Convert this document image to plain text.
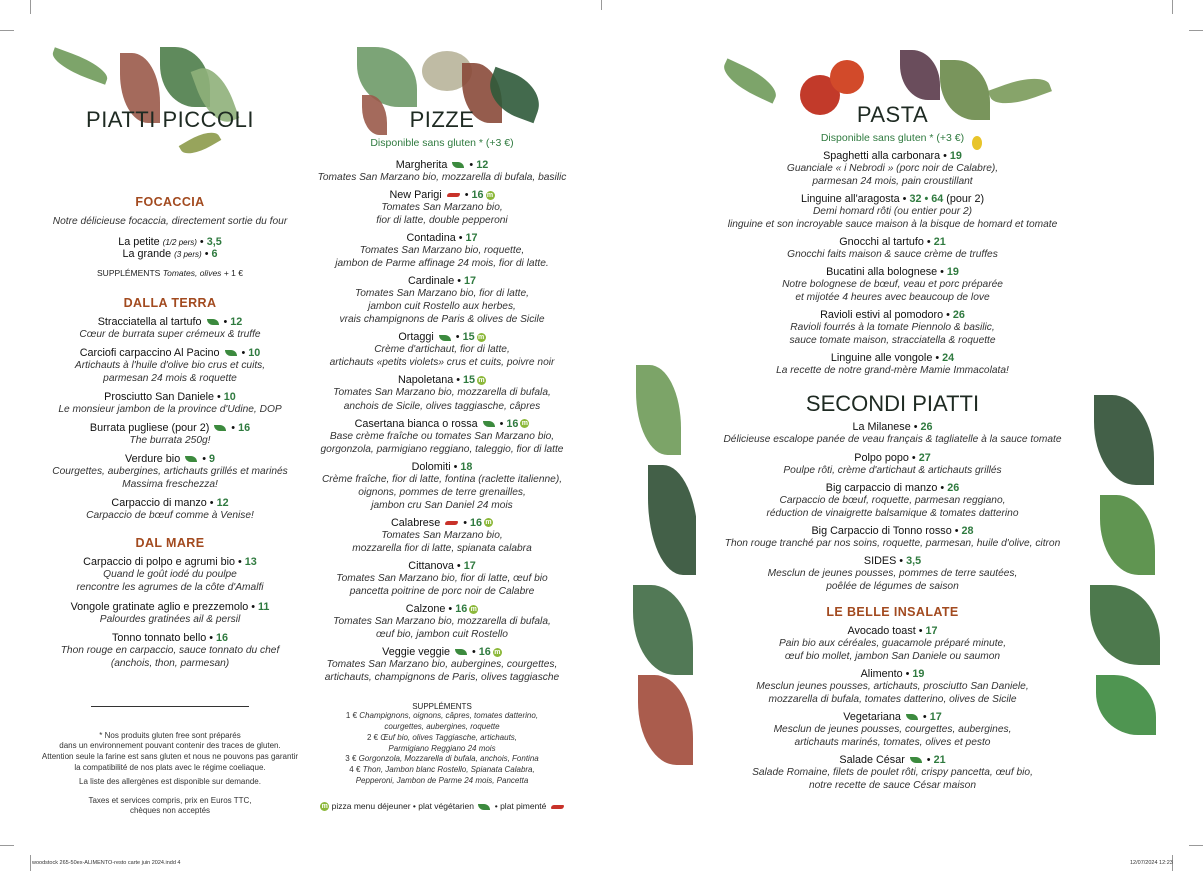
PIATTI PICCOLI
FOCACCIA
Notre délicieuse focaccia, directement sortie du four
La petite (1/2 pers) • 3,5
La grande (3 pers) • 6
SUPPLÉMENTS Tomates, olives + 1 €
DALLA TERRA
Stracciatella al tartufo  • 12
Cœur de burrata super crémeux & truffe
Carciofi carpaccino Al Pacino  • 10
Artichauts à l'huile d'olive bio crus et cuits,
parmesan 24 mois & roquette
Prosciutto San Daniele • 10
Le monsieur jambon de la province d'Udine, DOP
Burrata pugliese (pour 2)  • 16
The burrata 250g!
Verdure bio  • 9
Courgettes, aubergines, artichauts grillés et marinés
Massima freschezza!
Carpaccio di manzo • 12
Carpaccio de bœuf comme à Venise!
DAL MARE
Carpaccio di polpo e agrumi bio • 13
Quand le goût iodé du poulpe
rencontre les agrumes de la côte d'Amalfi
Vongole gratinate aglio e prezzemolo • 11
Palourdes gratinées ail & persil
Tonno tonnato bello • 16
Thon rouge en carpaccio, sauce tonnato du chef
(anchois, thon, parmesan)
* Nos produits gluten free sont préparés
dans un environnement pouvant contenir des traces de gluten.
Attention seule la farine est sans gluten et nous ne pouvons pas garantir
la compatibilité de nos plats avec le régime coeliaque.
La liste des allergènes est disponible sur demande.
Taxes et services compris, prix en Euros TTC,
chèques non acceptés
PIZZE
Disponible sans gluten * (+3 €)
Margherita  • 12
Tomates San Marzano bio, mozzarella di bufala, basilic
New Parigi  • 16 m
Tomates San Marzano bio,
fior di latte, double pepperoni
Contadina • 17
Tomates San Marzano bio, roquette,
jambon de Parme affinage 24 mois, fior di latte.
Cardinale • 17
Tomates San Marzano bio, fior di latte,
jambon cuit Rostello aux herbes,
vrais champignons de Paris & olives de Sicile
Ortaggi  • 15 m
Crème d'artichaut, fior di latte,
artichauts «petits violets» crus et cuits, poivre noir
Napoletana • 15 m
Tomates San Marzano bio, mozzarella di bufala,
anchois de Sicile, olives taggiasche, câpres
Casertana bianca o rossa  • 16 m
Base crème fraîche ou tomates San Marzano bio,
gorgonzola, parmigiano reggiano, taleggio, fior di latte
Dolomiti • 18
Crème fraîche, fior di latte, fontina (raclette italienne),
oignons, pommes de terre grenailles,
jambon cru San Daniel 24 mois
Calabrese  • 16 m
Tomates San Marzano bio,
mozzarella fior di latte, spianata calabra
Cittanova • 17
Tomates San Marzano bio, fior di latte, œuf bio
pancetta poitrine de porc noir de Calabre
Calzone • 16 m
Tomates San Marzano bio, mozzarella di bufala,
œuf bio, jambon cuit Rostello
Veggie veggie  • 16 m
Tomates San Marzano bio, aubergines, courgettes,
artichauts, champignons de Paris, olives taggiasche
SUPPLÉMENTS
1 € Champignons, oignons, câpres, tomates datterino,
courgettes, aubergines, roquette
2 € Œuf bio, olives Taggiasche, artichauts,
Parmigiano Reggiano 24 mois
3 € Gorgonzola, Mozzarella di bufala, anchois, Fontina
4 € Thon, Jambon blanc Rostello, Spianata Calabra,
Pepperoni, Jambon de Parme 24 mois, Pancetta
m pizza menu déjeuner • plat végétarien  • plat pimenté
PASTA
Disponible sans gluten * (+3 €)
Spaghetti alla carbonara • 19
Guanciale « i Nebrodi » (porc noir de Calabre),
parmesan 24 mois, pain croustillant
Linguine all'aragosta • 32 • 64 (pour 2)
Demi homard rôti (ou entier pour 2)
linguine et son incroyable sauce maison à la bisque de homard et tomate
Gnocchi al tartufo • 21
Gnocchi faits maison & sauce crème de truffes
Bucatini alla bolognese • 19
Notre bolognese de bœuf, veau et porc préparée
et mijotée 4 heures avec beaucoup de love
Ravioli estivi al pomodoro • 26
Ravioli fourrés à la tomate Piennolo & basilic,
sauce tomate maison, stracciatella & roquette
Linguine alle vongole • 24
La recette de notre grand-mère Mamie Immacolata!
SECONDI PIATTI
La Milanese • 26
Délicieuse escalope panée de veau français & tagliatelle à la sauce tomate
Polpo popo • 27
Poulpe rôti, crème d'artichaut & artichauts grillés
Big carpaccio di manzo • 26
Carpaccio de bœuf, roquette, parmesan reggiano,
réduction de vinaigrette balsamique & tomates datterino
Big Carpaccio di Tonno rosso • 28
Thon rouge tranché par nos soins, roquette, parmesan, huile d'olive, citron
SIDES • 3,5
Mesclun de jeunes pousses, pommes de terre sautées,
poêlée de légumes de saison
LE BELLE INSALATE
Avocado toast • 17
Pain bio aux céréales, guacamole préparé minute,
œuf bio mollet, jambon San Daniele ou saumon
Alimento • 19
Mesclun jeunes pousses, artichauts, prosciutto San Daniele,
mozzarella di bufala, tomates datterino, olives de Sicile
Vegetariana  • 17
Mesclun de jeunes pousses, courgettes, aubergines,
artichauts marinés, tomates, olives et pesto
Salade César  • 21
Salade Romaine, filets de poulet rôti, crispy pancetta, œuf bio,
notre recette de sauce César maison
woodstock 265-50ex-ALIMENTO-resto carte juin 2024.indd 4	12/07/2024 12:23
